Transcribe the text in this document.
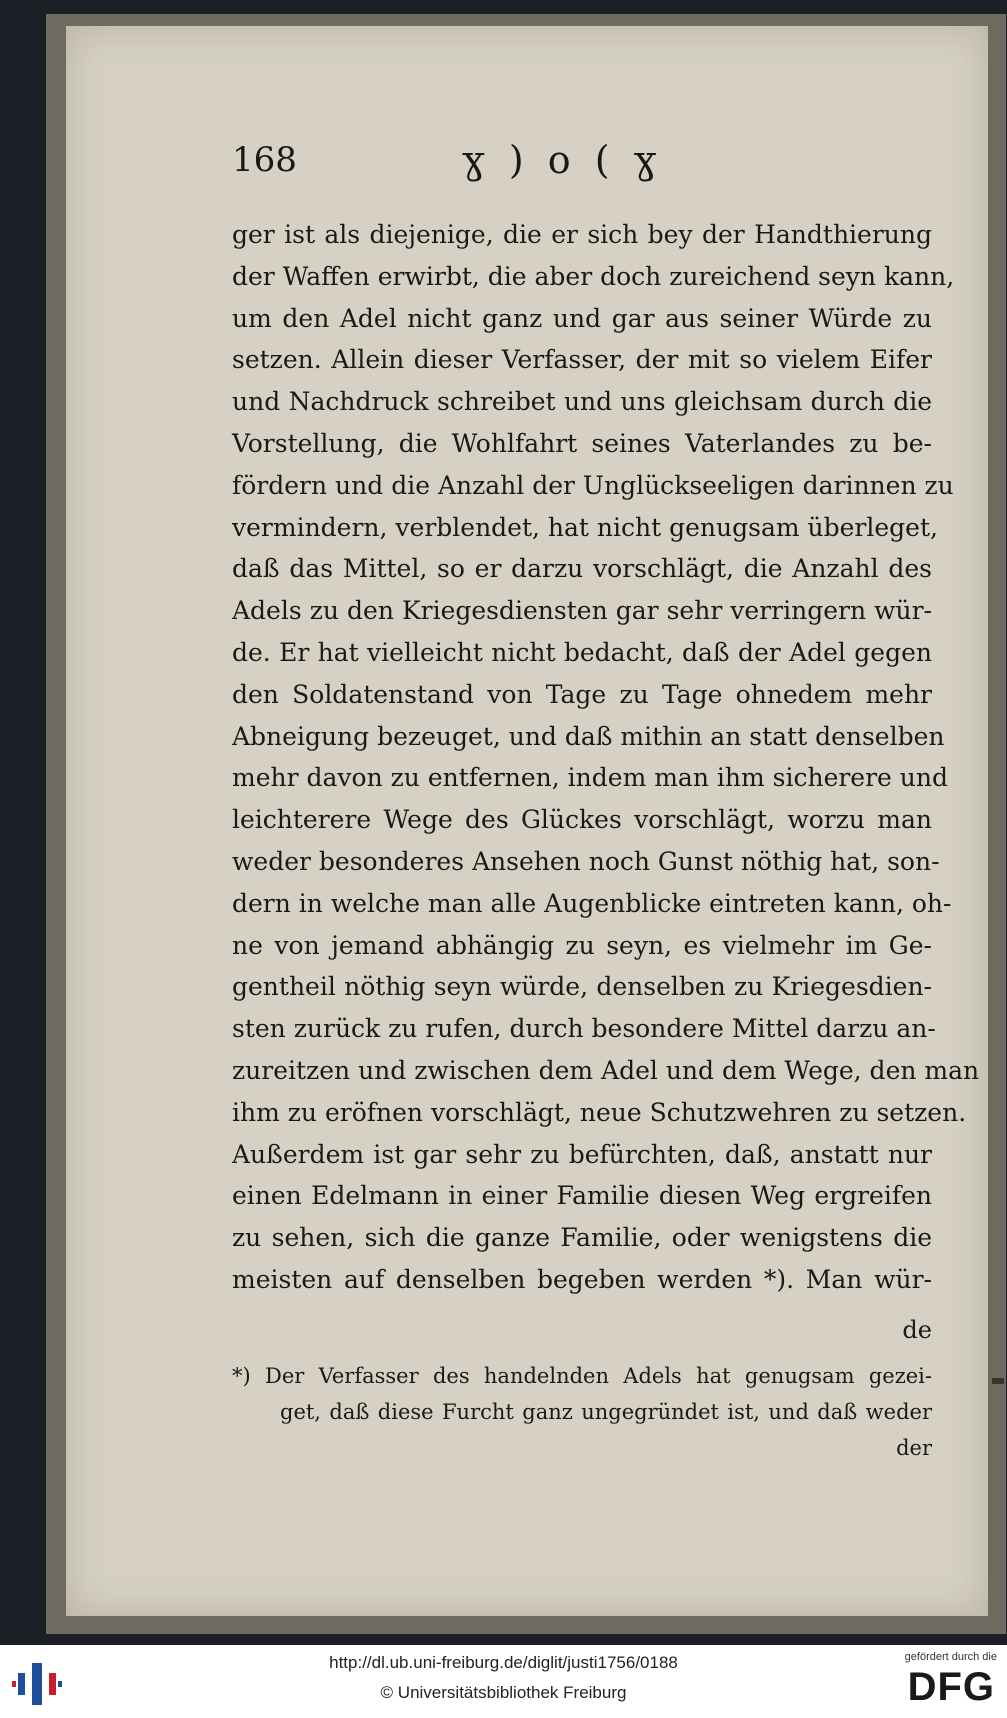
168	ɣ ) o ( ɣ
ger ist als diejenige, die er sich bey der Handthierung
der Waffen erwirbt, die aber doch zureichend seyn kann,
um den Adel nicht ganz und gar aus seiner Würde zu
setzen. Allein dieser Verfasser, der mit so vielem Eifer
und Nachdruck schreibet und uns gleichsam durch die
Vorstellung, die Wohlfahrt seines Vaterlandes zu be-
fördern und die Anzahl der Unglückseeligen darinnen zu
vermindern, verblendet, hat nicht genugsam überleget,
daß das Mittel, so er darzu vorschlägt, die Anzahl des
Adels zu den Kriegesdiensten gar sehr verringern wür-
de. Er hat vielleicht nicht bedacht, daß der Adel gegen
den Soldatenstand von Tage zu Tage ohnedem mehr
Abneigung bezeuget, und daß mithin an statt denselben
mehr davon zu entfernen, indem man ihm sicherere und
leichterere Wege des Glückes vorschlägt, worzu man
weder besonderes Ansehen noch Gunst nöthig hat, son-
dern in welche man alle Augenblicke eintreten kann, oh-
ne von jemand abhängig zu seyn, es vielmehr im Ge-
gentheil nöthig seyn würde, denselben zu Kriegesdien-
sten zurück zu rufen, durch besondere Mittel darzu an-
zureitzen und zwischen dem Adel und dem Wege, den man
ihm zu eröfnen vorschlägt, neue Schutzwehren zu setzen.
Außerdem ist gar sehr zu befürchten, daß, anstatt nur
einen Edelmann in einer Familie diesen Weg ergreifen
zu sehen, sich die ganze Familie, oder wenigstens die
meisten auf denselben begeben werden *). Man wür-
de
*) Der Verfasser des handelnden Adels hat genugsam gezei-
get, daß diese Furcht ganz ungegründet ist, und daß weder
der
http://dl.ub.uni-freiburg.de/diglit/justi1756/0188
© Universitätsbibliothek Freiburg
gefördert durch die
DFG
